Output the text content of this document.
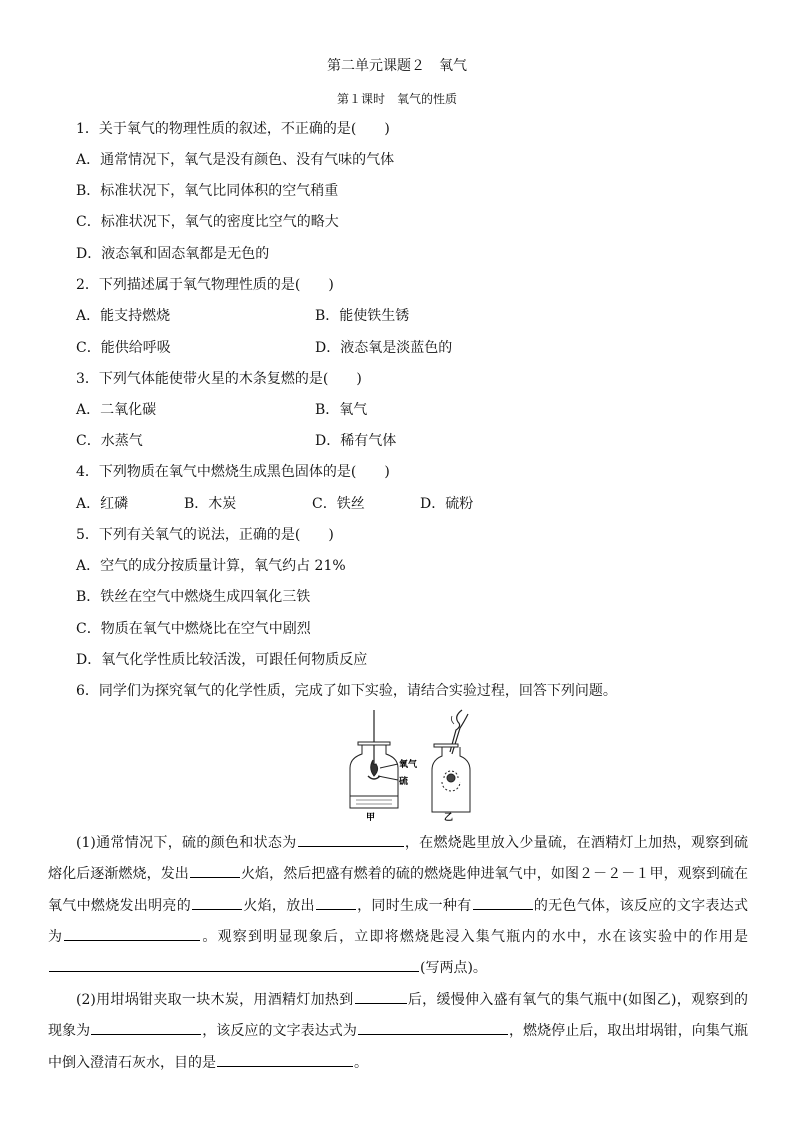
第二单元课题２　氧气
第１课时　氧气的性质
1．关于氧气的物理性质的叙述，不正确的是(　　)
A．通常情况下，氧气是没有颜色、没有气味的气体
B．标准状况下，氧气比同体积的空气稍重
C．标准状况下，氧气的密度比空气的略大
D．液态氧和固态氧都是无色的
2．下列描述属于氧气物理性质的是(　　)
A．能支持燃烧	B．能使铁生锈
C．能供给呼吸	D．液态氧是淡蓝色的
3．下列气体能使带火星的木条复燃的是(　　)
A．二氧化碳	B．氧气
C．水蒸气	D．稀有气体
4．下列物质在氧气中燃烧生成黑色固体的是(　　)
A．红磷	B．木炭	C．铁丝	D．硫粉
5．下列有关氧气的说法，正确的是(　　)
A．空气的成分按质量计算，氧气约占 21%
B．铁丝在空气中燃烧生成四氧化三铁
C．物质在氧气中燃烧比在空气中剧烈
D．氧气化学性质比较活泼，可跟任何物质反应
6．同学们为探究氧气的化学性质，完成了如下实验，请结合实验过程，回答下列问题。
氧气
硫
甲	乙
(1)通常情况下，硫的颜色和状态为	，在燃烧匙里放入少量硫，在酒精灯上加热，观察到硫熔化后逐渐燃烧，发出	火焰，然后把盛有燃着的硫的燃烧匙伸进氧气中，如图２－２－１甲，观察到硫在氧气中燃烧发出明亮的	火焰，放出	，同时生成一种有	的无色气体，该反应的文字表达式为	。观察到明显现象后，立即将燃烧匙浸入集气瓶内的水中，水在该实验中的作用是(写两点)。
(2)用坩埚钳夹取一块木炭，用酒精灯加热到	后，缓慢伸入盛有氧气的集气瓶中(如图乙)，观察到的现象为	，该反应的文字表达式为	，燃烧停止后，取出坩埚钳，向集气瓶中倒入澄清石灰水，目的是	。
